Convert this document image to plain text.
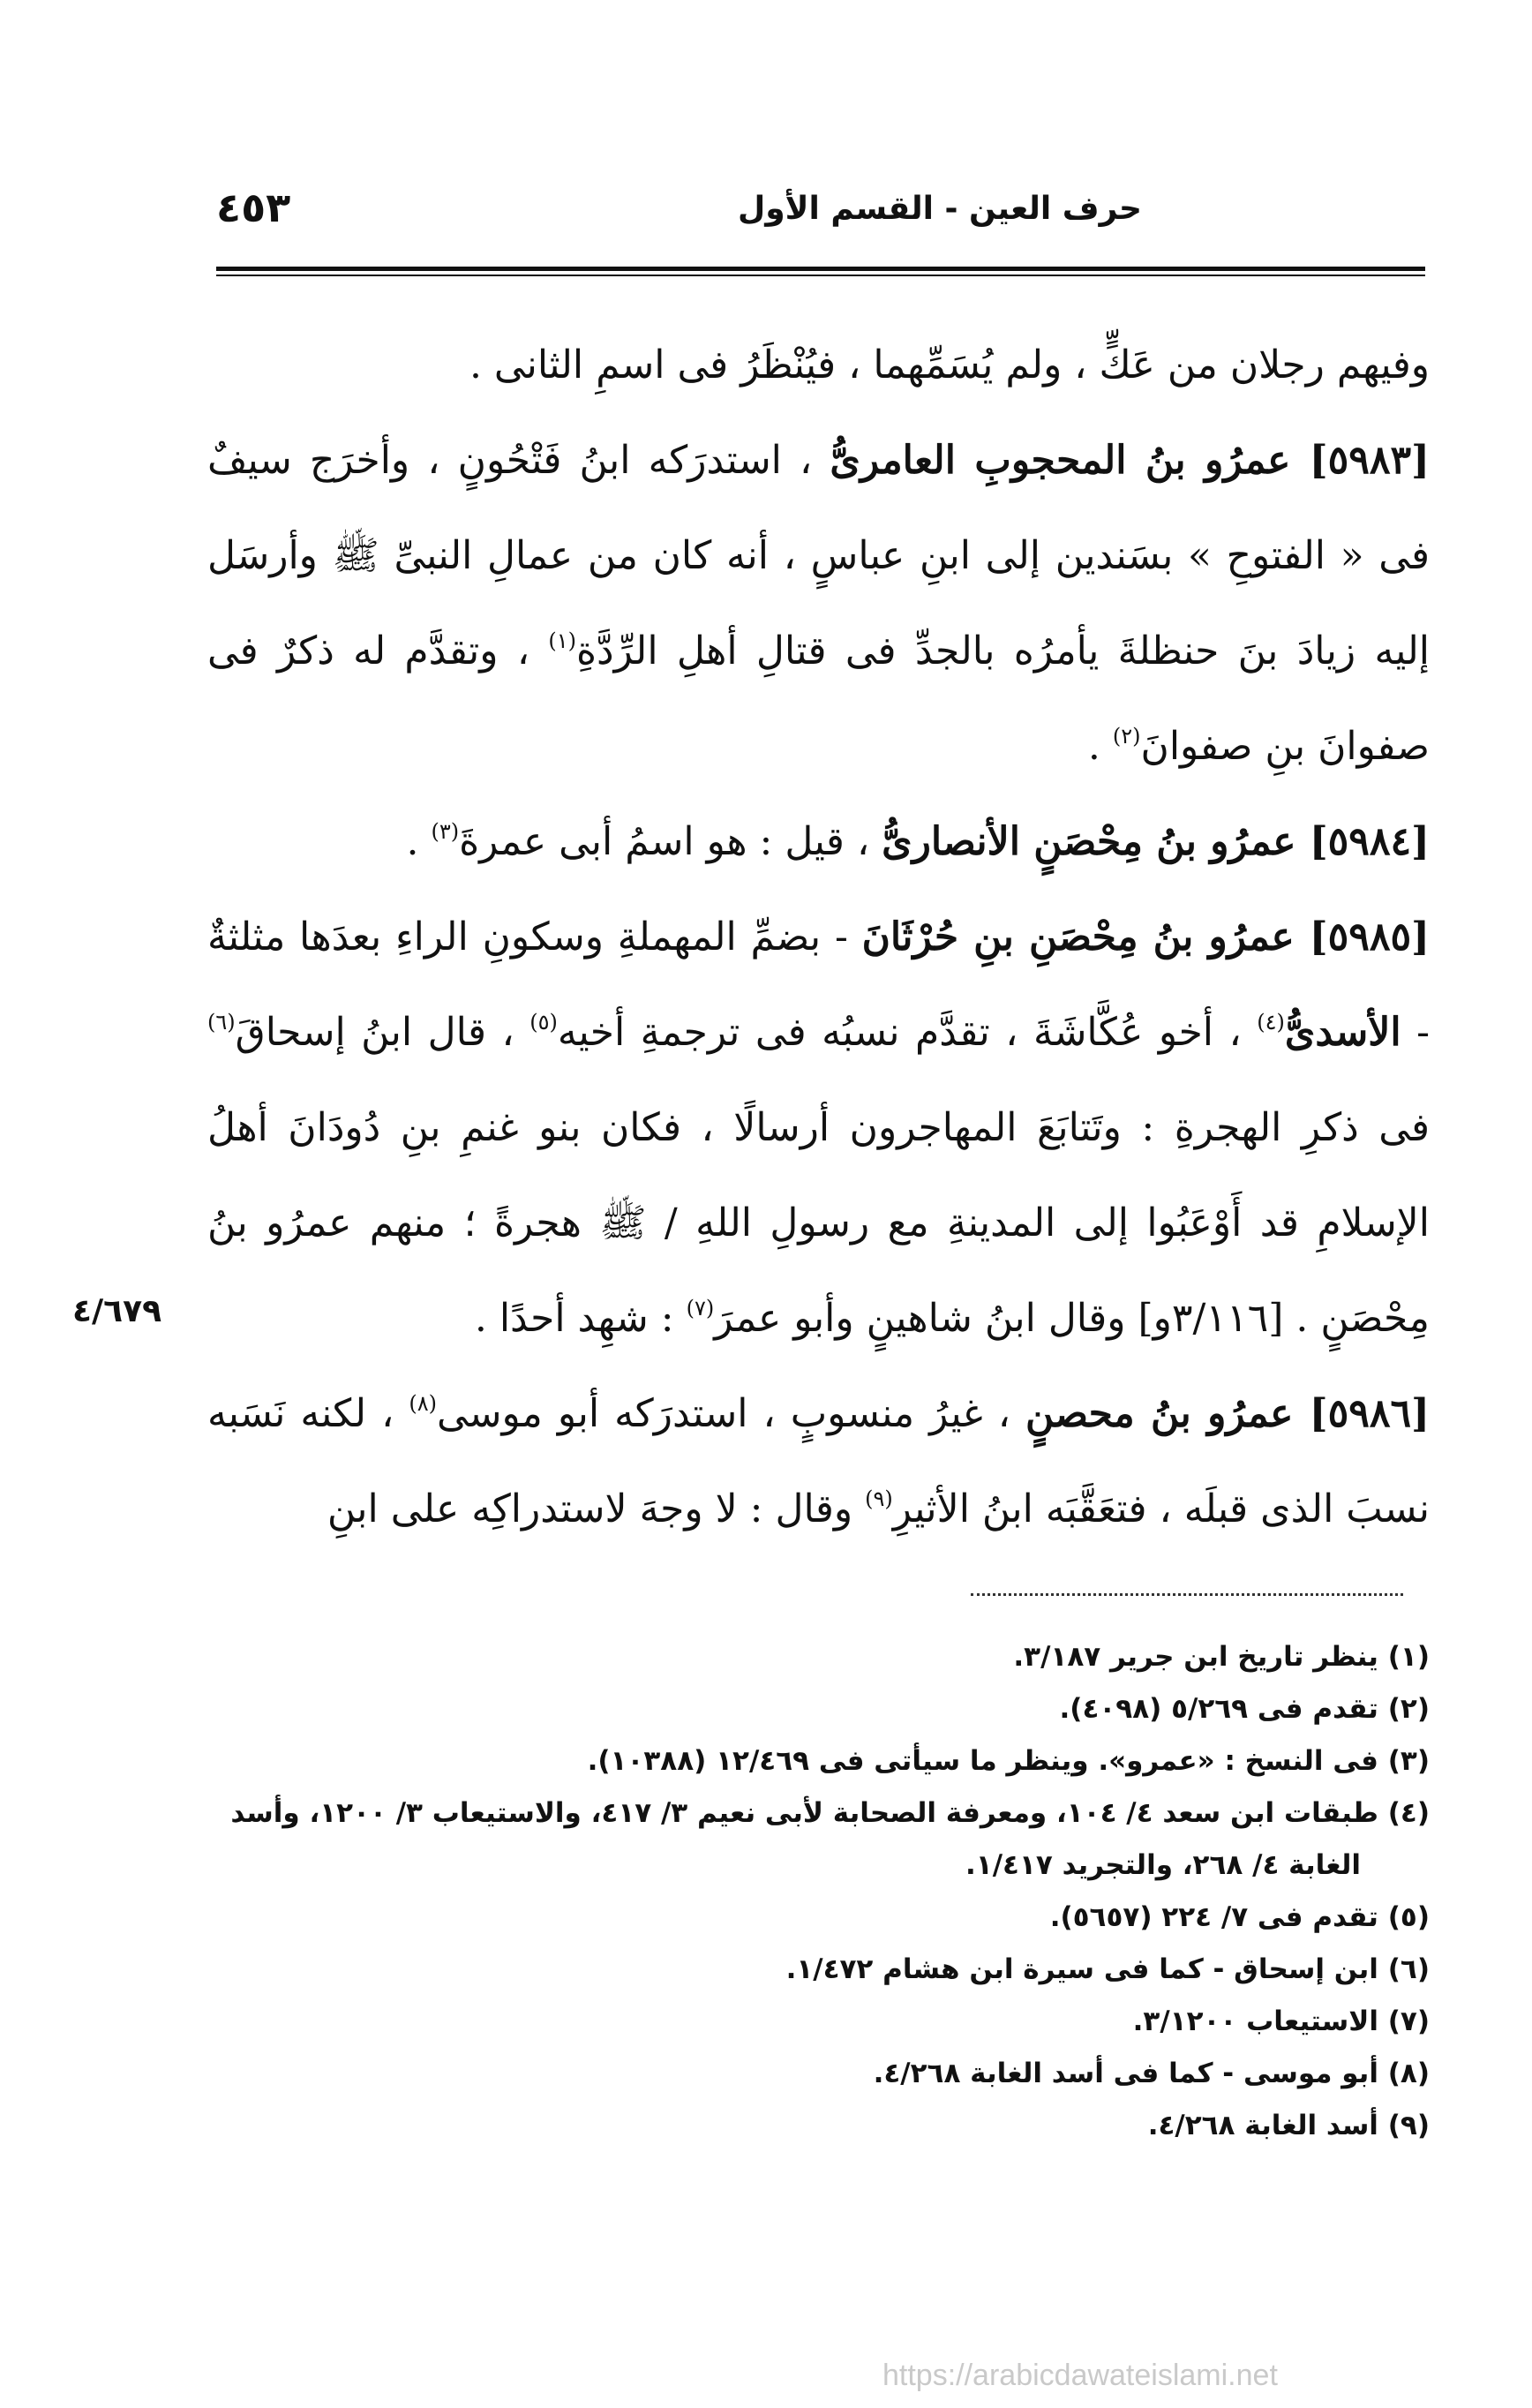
٤٥٣	حرف العين - القسم الأول

وفيهم رجلان من عَكٍّ ، ولم يُسَمِّهما ، فيُنْظَرُ فى اسمِ الثانى .

[٥٩٨٣] عمرُو بنُ المحجوبِ العامرىُّ ، استدرَكه ابنُ فَتْحُونٍ ، وأخرَج سيفٌ فى « الفتوحِ » بسَندين إلى ابنِ عباسٍ ، أنه كان من عمالِ النبىِّ ﷺ وأرسَل إليه زيادَ بنَ حنظلةَ يأمرُه بالجدِّ فى قتالِ أهلِ الرِّدَّةِ$^{(١)}$ ، وتقدَّم له ذكرٌ فى صفوانَ بنِ صفوانَ$^{(٢)}$ .

[٥٩٨٤] عمرُو بنُ مِحْصَنٍ الأنصارىُّ ، قيل : هو اسمُ أبى عمرةَ$^{(٣)}$ .

[٥٩٨٥] عمرُو بنُ مِحْصَنِ بنِ حُرْثَانَ - بضمِّ المهملةِ وسكونِ الراءِ بعدَها مثلثةٌ - الأسدىُّ$^{(٤)}$ ، أخو عُكَّاشَةَ ، تقدَّم نسبُه فى ترجمةِ أخيه$^{(٥)}$ ، قال ابنُ إسحاقَ$^{(٦)}$ فى ذكرِ الهجرةِ : وتَتابَعَ المهاجرون أرسالًا ، فكان بنو غنمِ بنِ دُودَانَ أهلُ الإسلامِ قد أَوْعَبُوا إلى المدينةِ مع رسولِ اللهِ / ﷺ هجرةً ؛ منهم عمرُو بنُ مِحْصَنٍ . [٣/١١٦و] وقال ابنُ شاهينٍ وأبو عمرَ$^{(٧)}$ : شهِد أحدًا .

[٥٩٨٦] عمرُو بنُ محصنٍ ، غيرُ منسوبٍ ، استدرَكه أبو موسى$^{(٨)}$ ، لكنه نَسَبه نسبَ الذى قبلَه ، فتعَقَّبَه ابنُ الأثيرِ$^{(٩)}$ وقال : لا وجهَ لاستدراكِه على ابنِ

٤/٦٧٩

(١) ينظر تاريخ ابن جرير ٣/١٨٧.

(٢) تقدم فى ٥/٢٦٩ (٤٠٩٨).

(٣) فى النسخ : «عمرو». وينظر ما سيأتى فى ١٢/٤٦٩ (١٠٣٨٨).

(٤) طبقات ابن سعد ٤/ ١٠٤، ومعرفة الصحابة لأبى نعيم ٣/ ٤١٧، والاستيعاب ٣/ ١٢٠٠، وأسد

الغابة ٤/ ٢٦٨، والتجريد ١/٤١٧.

(٥) تقدم فى ٧/ ٢٢٤ (٥٦٥٧).

(٦) ابن إسحاق - كما فى سيرة ابن هشام ١/٤٧٢.

(٧) الاستيعاب ٣/١٢٠٠.

(٨) أبو موسى - كما فى أسد الغابة ٤/٢٦٨.

(٩) أسد الغابة ٤/٢٦٨.

https://arabicdawateislami.net
